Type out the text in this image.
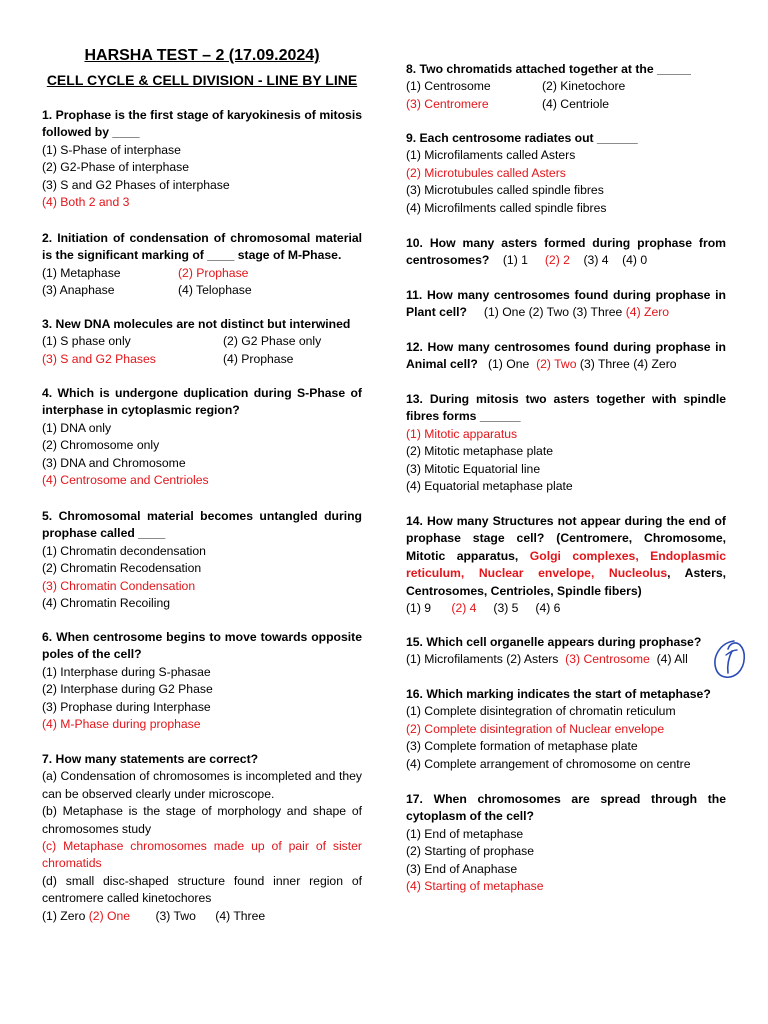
HARSHA TEST – 2 (17.09.2024)
CELL CYCLE & CELL DIVISION - LINE BY LINE
1. Prophase is the first stage of karyokinesis of mitosis followed by ____
(1) S-Phase of interphase
(2) G2-Phase of interphase
(3) S and G2 Phases of interphase
(4) Both 2 and 3
2. Initiation of condensation of chromosomal material is the significant marking of ____ stage of M-Phase.
(1) Metaphase	(2) Prophase
(3) Anaphase	(4) Telophase
3. New DNA molecules are not distinct but interwined
(1) S phase only	(2) G2 Phase only
(3) S and G2 Phases	(4) Prophase
4. Which is undergone duplication during S-Phase of interphase in cytoplasmic region?
(1) DNA only
(2) Chromosome only
(3) DNA and Chromosome
(4) Centrosome and Centrioles
5. Chromosomal material becomes untangled during prophase called ____
(1) Chromatin decondensation
(2) Chromatin Recodensation
(3) Chromatin Condensation
(4) Chromatin Recoiling
6. When centrosome begins to move towards opposite poles of the cell?
(1) Interphase during S-phasae
(2) Interphase during G2 Phase
(3) Prophase during Interphase
(4) M-Phase during prophase
7. How many statements are correct?
(a) Condensation of chromosomes is incompleted and they can be observed clearly under microscope.
(b) Metaphase is the stage of morphology and shape of chromosomes study
(c) Metaphase chromosomes made up of pair of sister chromatids
(d) small disc-shaped structure found inner region of centromere called kinetochores
(1) Zero (2) One (3) Two (4) Three
8. Two chromatids attached together at the _____
(1) Centrosome	(2) Kinetochore
(3) Centromere	(4) Centriole
9. Each centrosome radiates out ______
(1) Microfilaments called Asters
(2) Microtubules called Asters
(3) Microtubules called spindle fibres
(4) Microfilments called spindle fibres
10. How many asters formed during prophase from centrosomes? (1) 1 (2) 2 (3) 4 (4) 0
11. How many centrosomes found during prophase in Plant cell? (1) One (2) Two (3) Three (4) Zero
12. How many centrosomes found during prophase in Animal cell? (1) One (2) Two (3) Three (4) Zero
13. During mitosis two asters together with spindle fibres forms ______
(1) Mitotic apparatus
(2) Mitotic metaphase plate
(3) Mitotic Equatorial line
(4) Equatorial metaphase plate
14. How many Structures not appear during the end of prophase stage cell? (Centromere, Chromosome, Mitotic apparatus, Golgi complexes, Endoplasmic reticulum, Nuclear envelope, Nucleolus, Asters, Centrosomes, Centrioles, Spindle fibers)
(1) 9 (2) 4 (3) 5 (4) 6
15. Which cell organelle appears during prophase?
(1) Microfilaments (2) Asters (3) Centrosome (4) All
16. Which marking indicates the start of metaphase?
(1) Complete disintegration of chromatin reticulum
(2) Complete disintegration of Nuclear envelope
(3) Complete formation of metaphase plate
(4) Complete arrangement of chromosome on centre
17. When chromosomes are spread through the cytoplasm of the cell?
(1) End of metaphase
(2) Starting of prophase
(3) End of Anaphase
(4) Starting of metaphase
